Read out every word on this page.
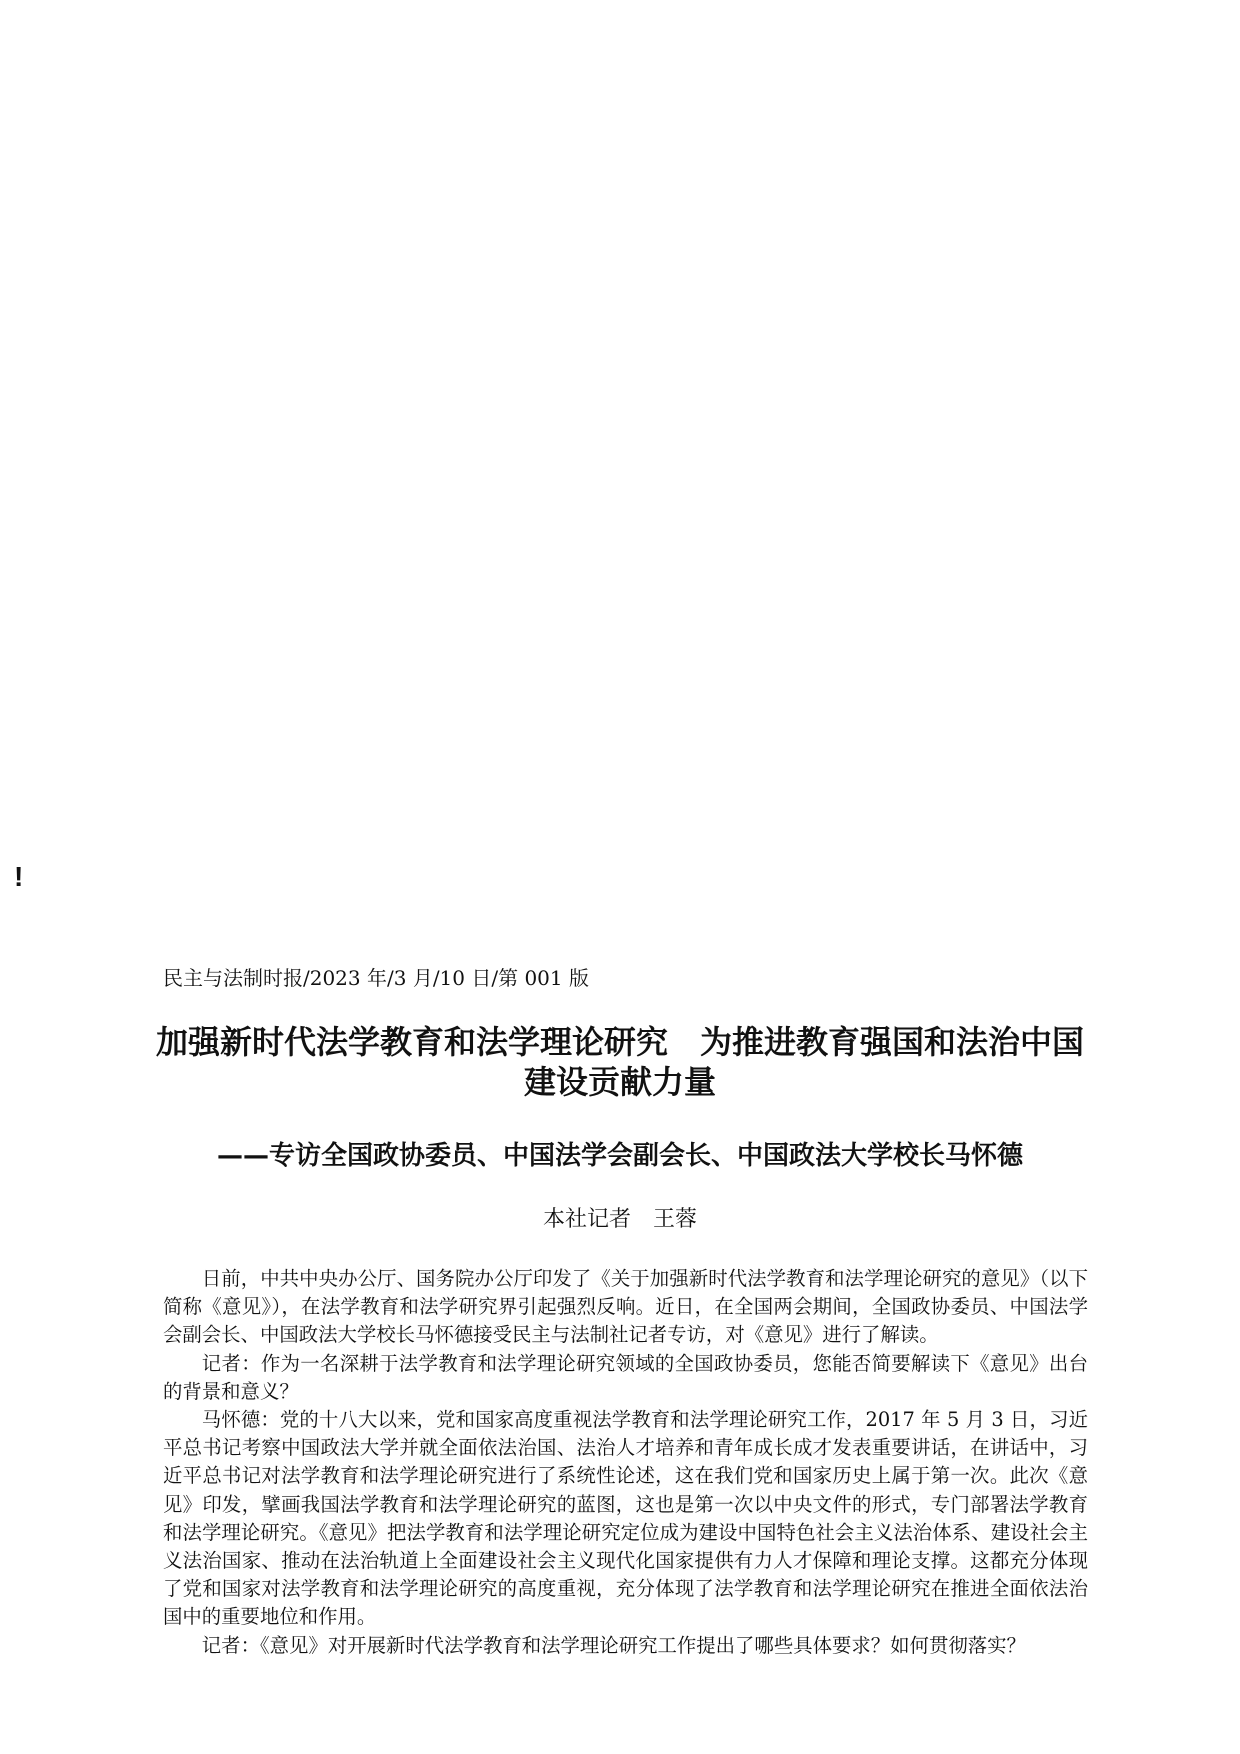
!
民主与法制时报/2023 年/3 月/10 日/第 001 版
加强新时代法学教育和法学理论研究　为推进教育强国和法治中国建设贡献力量
——专访全国政协委员、中国法学会副会长、中国政法大学校长马怀德
本社记者　王蓉

日前，中共中央办公厅、国务院办公厅印发了《关于加强新时代法学教育和法学理论研究的意见》（以下简称《意见》），在法学教育和法学研究界引起强烈反响。近日，在全国两会期间，全国政协委员、中国法学会副会长、中国政法大学校长马怀德接受民主与法制社记者专访，对《意见》进行了解读。

记者：作为一名深耕于法学教育和法学理论研究领域的全国政协委员，您能否简要解读下《意见》出台的背景和意义？

马怀德：党的十八大以来，党和国家高度重视法学教育和法学理论研究工作，2017 年 5 月 3 日，习近平总书记考察中国政法大学并就全面依法治国、法治人才培养和青年成长成才发表重要讲话，在讲话中，习近平总书记对法学教育和法学理论研究进行了系统性论述，这在我们党和国家历史上属于第一次。此次《意见》印发，擘画我国法学教育和法学理论研究的蓝图，这也是第一次以中央文件的形式，专门部署法学教育和法学理论研究。《意见》把法学教育和法学理论研究定位成为建设中国特色社会主义法治体系、建设社会主义法治国家、推动在法治轨道上全面建设社会主义现代化国家提供有力人才保障和理论支撑。这都充分体现了党和国家对法学教育和法学理论研究的高度重视，充分体现了法学教育和法学理论研究在推进全面依法治国中的重要地位和作用。

记者：《意见》对开展新时代法学教育和法学理论研究工作提出了哪些具体要求？如何贯彻落实？
